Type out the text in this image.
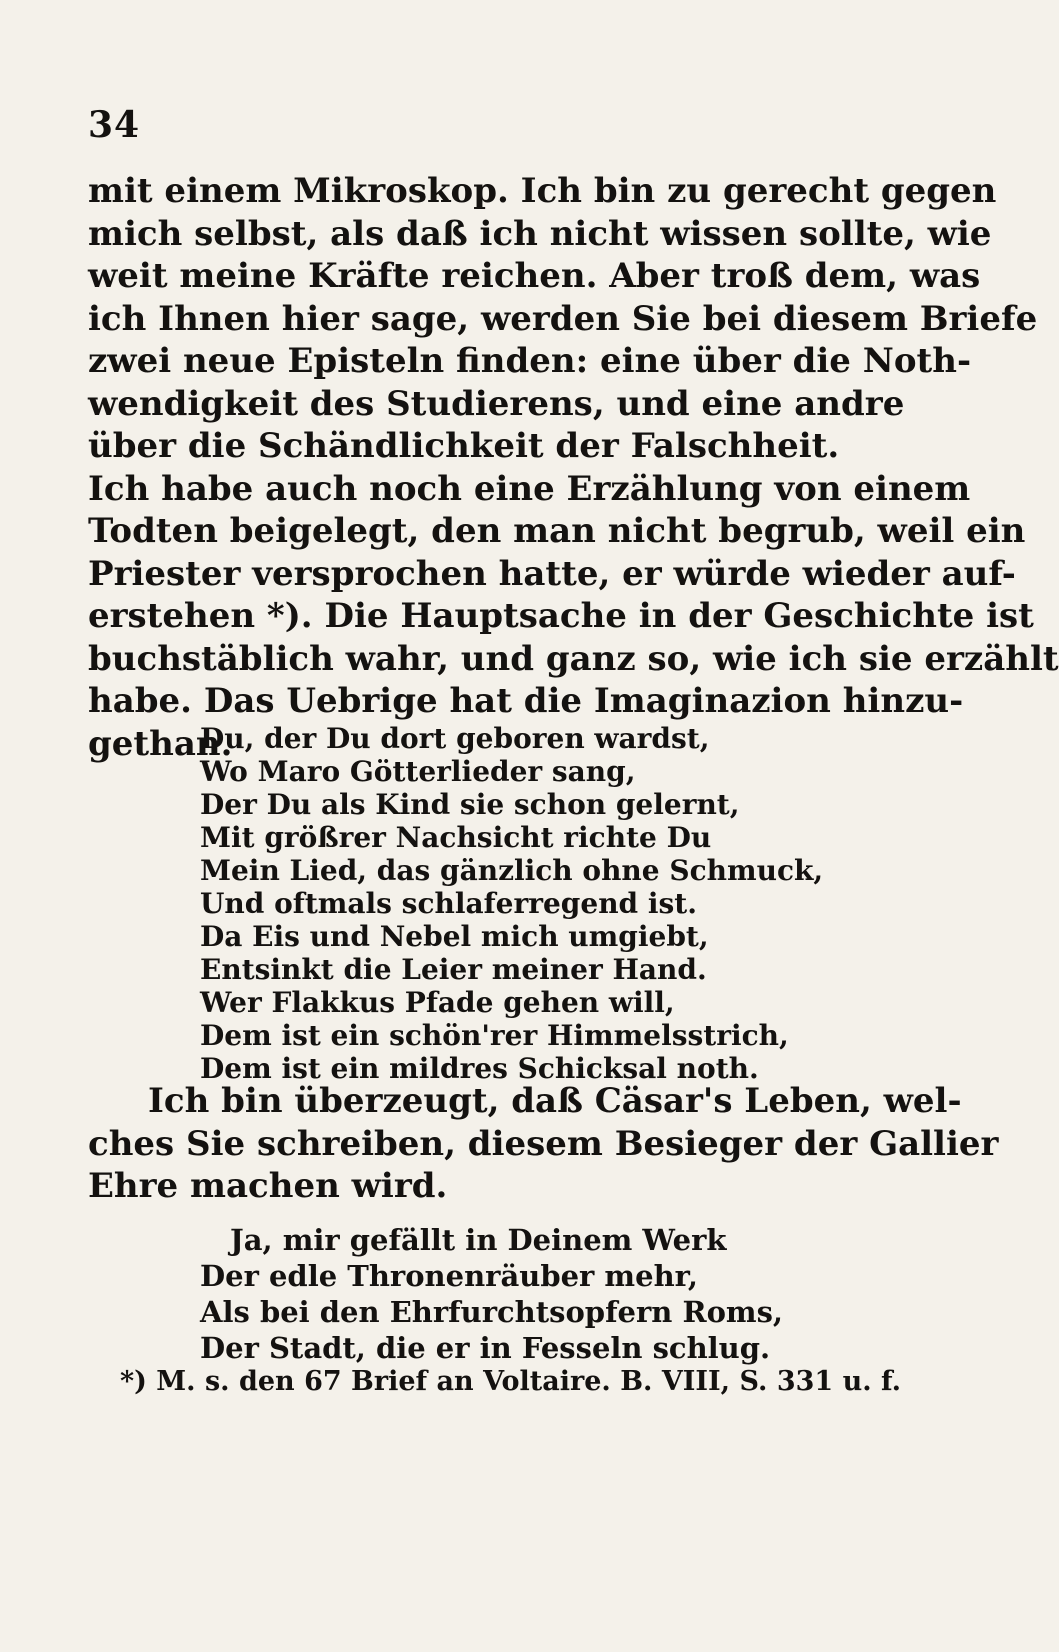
34
mit einem Mikroskop. Ich bin zu gerecht gegen
mich selbst, als daß ich nicht wissen sollte, wie
weit meine Kräfte reichen. Aber troß dem, was
ich Ihnen hier sage, werden Sie bei diesem Briefe
zwei neue Episteln finden: eine über die Noth-
wendigkeit des Studierens, und eine andre
über die Schändlichkeit der Falschheit.
Ich habe auch noch eine Erzählung von einem
Todten beigelegt, den man nicht begrub, weil ein
Priester versprochen hatte, er würde wieder auf-
erstehen *). Die Hauptsache in der Geschichte ist
buchstäblich wahr, und ganz so, wie ich sie erzählt
habe. Das Uebrige hat die Imaginazion hinzu-
gethan.
Du, der Du dort geboren wardst,
Wo Maro Götterlieder sang,
Der Du als Kind sie schon gelernt,
Mit größrer Nachsicht richte Du
Mein Lied, das gänzlich ohne Schmuck,
Und oftmals schlaferregend ist.
Da Eis und Nebel mich umgiebt,
Entsinkt die Leier meiner Hand.
Wer Flakkus Pfade gehen will,
Dem ist ein schön'rer Himmelsstrich,
Dem ist ein mildres Schicksal noth.
Ich bin überzeugt, daß Cäsar's Leben, wel-
ches Sie schreiben, diesem Besieger der Gallier
Ehre machen wird.
Ja, mir gefällt in Deinem Werk
Der edle Thronenräuber mehr,
Als bei den Ehrfurchtsopfern Roms,
Der Stadt, die er in Fesseln schlug.
*) M. s. den 67 Brief an Voltaire. B. VIII, S. 331 u. f.
